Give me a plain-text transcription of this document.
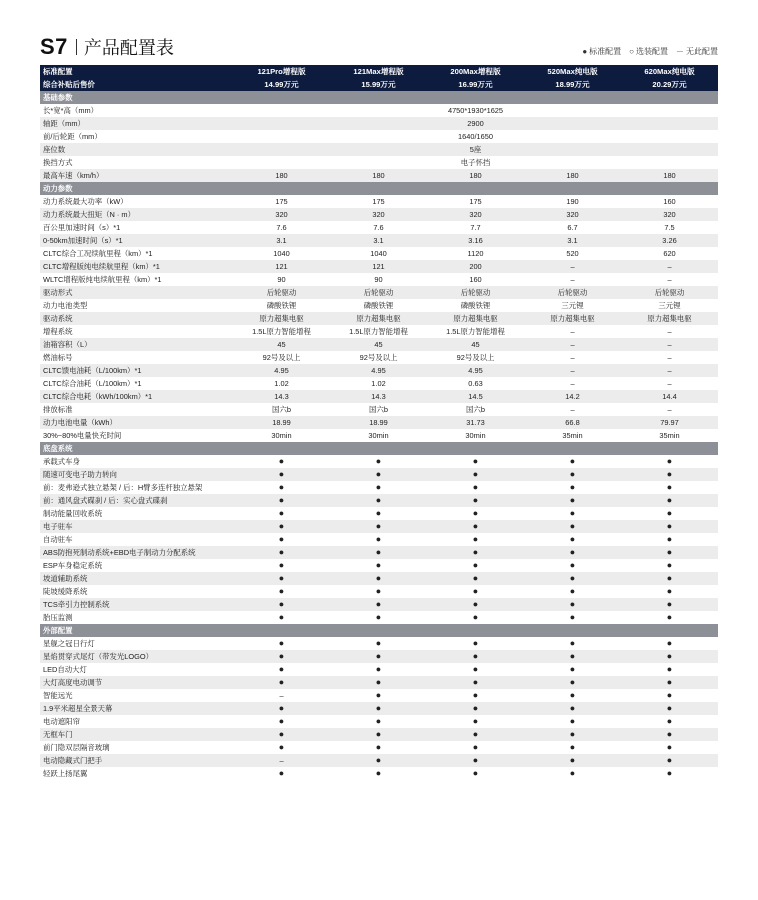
S7 产品配置表	● 标准配置 ○ 选装配置 － 无此配置
标准配置	121Pro增程版	121Max增程版	200Max增程版	520Max纯电版	620Max纯电版
综合补贴后售价	14.99万元	15.99万元	16.99万元	18.99万元	20.29万元
基础参数					
长*宽*高（mm）	4750*1930*1625				
轴距（mm）	2900				
前/后轮距（mm）	1640/1650				
座位数	5座				
换挡方式	电子怀挡				
最高车速（km/h）	180	180	180	180	180
动力参数					
动力系统最大功率（kW）	175	175	175	190	160
动力系统最大扭矩（N · m）	320	320	320	320	320
百公里加速时间（s）*1	7.6	7.6	7.7	6.7	7.5
0-50km加速时间（s）*1	3.1	3.1	3.16	3.1	3.26
CLTC综合工况续航里程（km）*1	1040	1040	1120	520	620
CLTC增程版纯电续航里程（km）*1	121	121	200	–	–
WLTC增程版纯电续航里程（km）*1	90	90	160	–	–
驱动形式	后轮驱动	后轮驱动	后轮驱动	后轮驱动	后轮驱动
动力电池类型	磷酸铁锂	磷酸铁锂	磷酸铁锂	三元锂	三元锂
驱动系统	原力超集电驱	原力超集电驱	原力超集电驱	原力超集电驱	原力超集电驱
增程系统	1.5L原力智能增程	1.5L原力智能增程	1.5L原力智能增程	–	–
油箱容积（L）	45	45	45	–	–
燃油标号	92号及以上	92号及以上	92号及以上	–	–
CLTC馈电油耗（L/100km）*1	4.95	4.95	4.95	–	–
CLTC综合油耗（L/100km）*1	1.02	1.02	0.63	–	–
CLTC综合电耗（kWh/100km）*1	14.3	14.3	14.5	14.2	14.4
排放标准	国六b	国六b	国六b	–	–
动力电池电量（kWh）	18.99	18.99	31.73	66.8	79.97
30%~80%电量快充时间	30min	30min	30min	35min	35min
底盘系统					
承载式车身	●	●	●	●	●
随速可变电子助力转向	●	●	●	●	●
前：麦弗逊式独立悬架 / 后：H臂多连杆独立悬架	●	●	●	●	●
前：通风盘式碟刹 / 后：实心盘式碟刹	●	●	●	●	●
制动能量回收系统	●	●	●	●	●
电子驻车	●	●	●	●	●
自动驻车	●	●	●	●	●
ABS防抱死制动系统+EBD电子制动力分配系统	●	●	●	●	●
ESP车身稳定系统	●	●	●	●	●
坡道辅助系统	●	●	●	●	●
陡坡缓降系统	●	●	●	●	●
TCS牵引力控制系统	●	●	●	●	●
胎压监测	●	●	●	●	●
外部配置					
星舰之冠日行灯	●	●	●	●	●
星焰贯穿式尾灯（带发光LOGO）	●	●	●	●	●
LED自动大灯	●	●	●	●	●
大灯高度电动调节	●	●	●	●	●
智能远光	–	●	●	●	●
1.9平米超星全景天幕	●	●	●	●	●
电动遮阳帘	●	●	●	●	●
无框车门	●	●	●	●	●
前门隐双层隔音玻璃	●	●	●	●	●
电动隐藏式门把手	–	●	●	●	●
轻跃上扬尾翼	●	●	●	●	●
